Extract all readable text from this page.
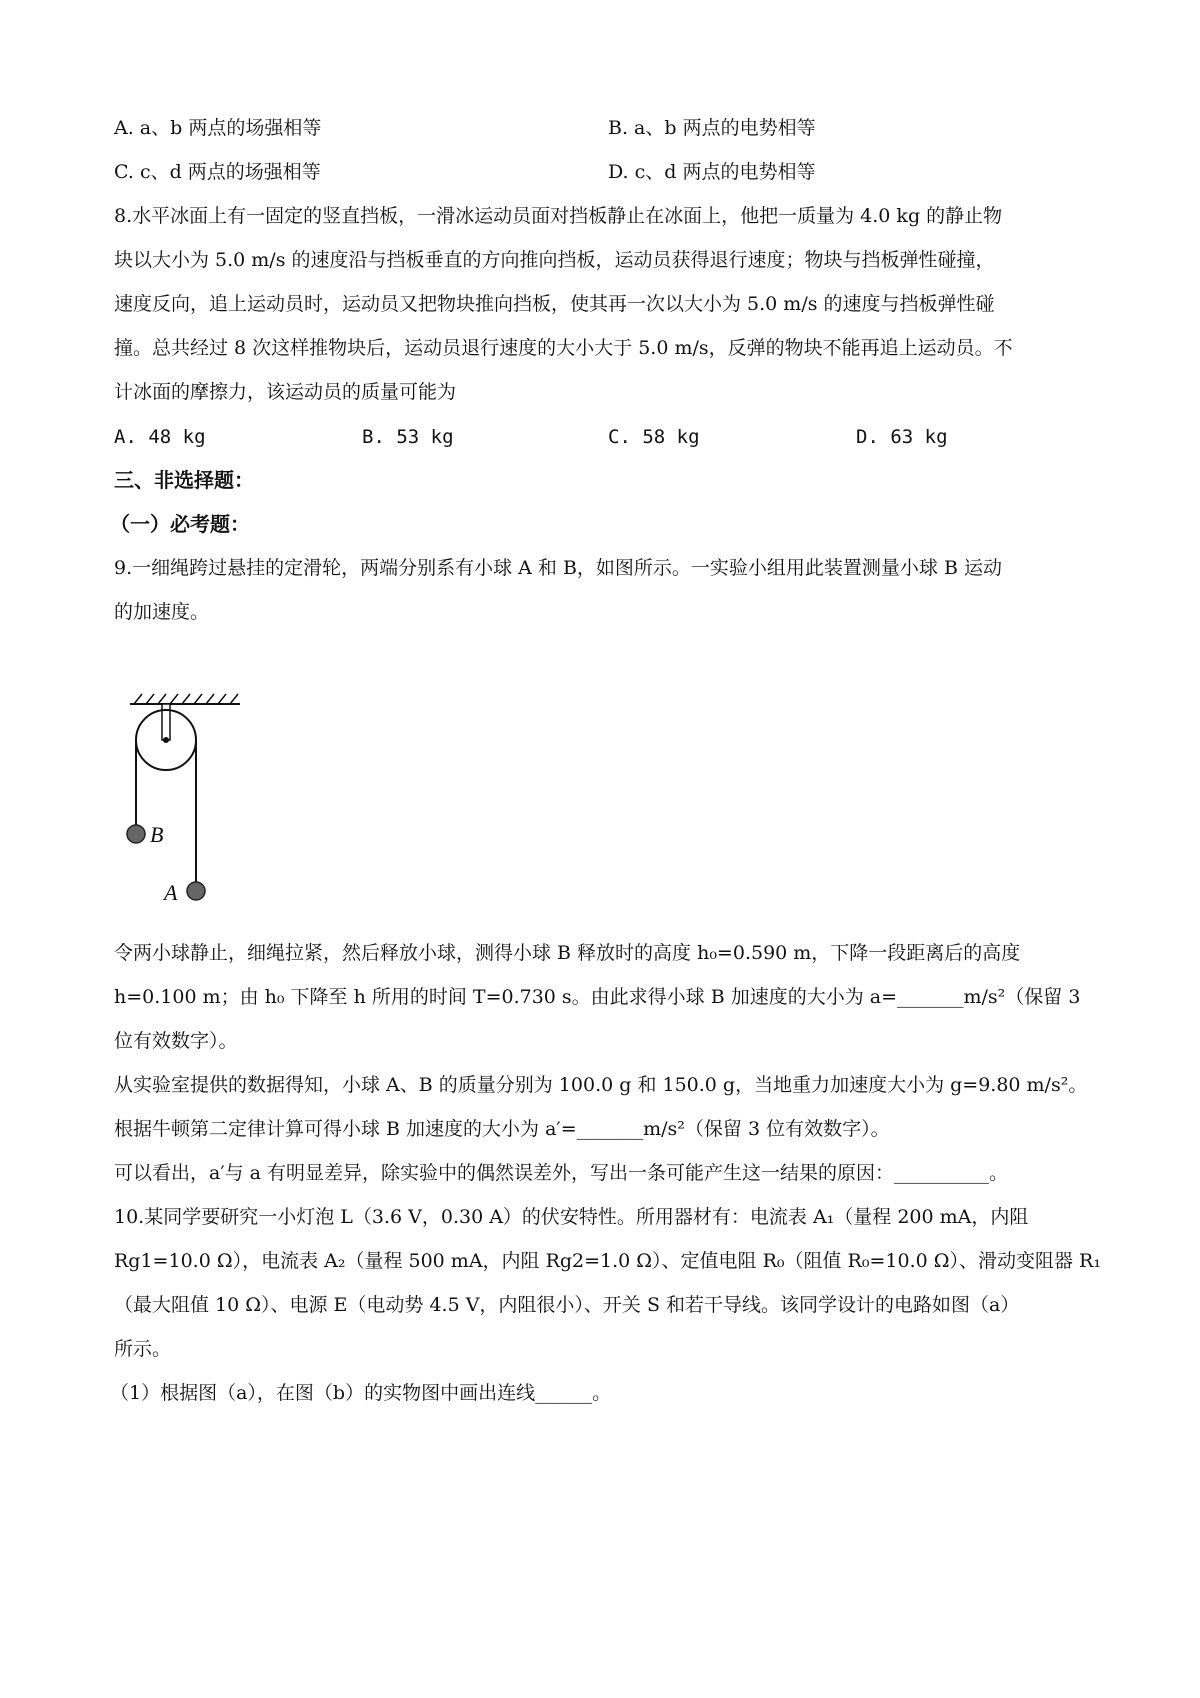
A. a、b 两点的场强相等	B. a、b 两点的电势相等
C. c、d 两点的场强相等	D. c、d 两点的电势相等
8.水平冰面上有一固定的竖直挡板，一滑冰运动员面对挡板静止在冰面上，他把一质量为 4.0 kg 的静止物
块以大小为 5.0 m/s 的速度沿与挡板垂直的方向推向挡板，运动员获得退行速度；物块与挡板弹性碰撞，
速度反向，追上运动员时，运动员又把物块推向挡板，使其再一次以大小为 5.0 m/s 的速度与挡板弹性碰
撞。总共经过 8 次这样推物块后，运动员退行速度的大小大于 5.0 m/s，反弹的物块不能再追上运动员。不
计冰面的摩擦力，该运动员的质量可能为
A. 48 kg	B. 53 kg	C. 58 kg	D. 63 kg
三、非选择题：
（一）必考题：
9.一细绳跨过悬挂的定滑轮，两端分别系有小球 A 和 B，如图所示。一实验小组用此装置测量小球 B 运动
的加速度。
B
A
令两小球静止，细绳拉紧，然后释放小球，测得小球 B 释放时的高度 h₀=0.590 m，下降一段距离后的高度
h=0.100 m；由 h₀ 下降至 h 所用的时间 T=0.730 s。由此求得小球 B 加速度的大小为 a=_______m/s²（保留 3
位有效数字）。
从实验室提供的数据得知，小球 A、B 的质量分别为 100.0 g 和 150.0 g，当地重力加速度大小为 g=9.80 m/s²。
根据牛顿第二定律计算可得小球 B 加速度的大小为 a′=_______m/s²（保留 3 位有效数字）。
可以看出，a′与 a 有明显差异，除实验中的偶然误差外，写出一条可能产生这一结果的原因：__________。
10.某同学要研究一小灯泡 L（3.6 V，0.30 A）的伏安特性。所用器材有：电流表 A₁（量程 200 mA，内阻
Rg1=10.0 Ω），电流表 A₂（量程 500 mA，内阻 Rg2=1.0 Ω）、定值电阻 R₀（阻值 R₀=10.0 Ω）、滑动变阻器 R₁
（最大阻值 10 Ω）、电源 E（电动势 4.5 V，内阻很小）、开关 S 和若干导线。该同学设计的电路如图（a）
所示。
（1）根据图（a），在图（b）的实物图中画出连线______。
